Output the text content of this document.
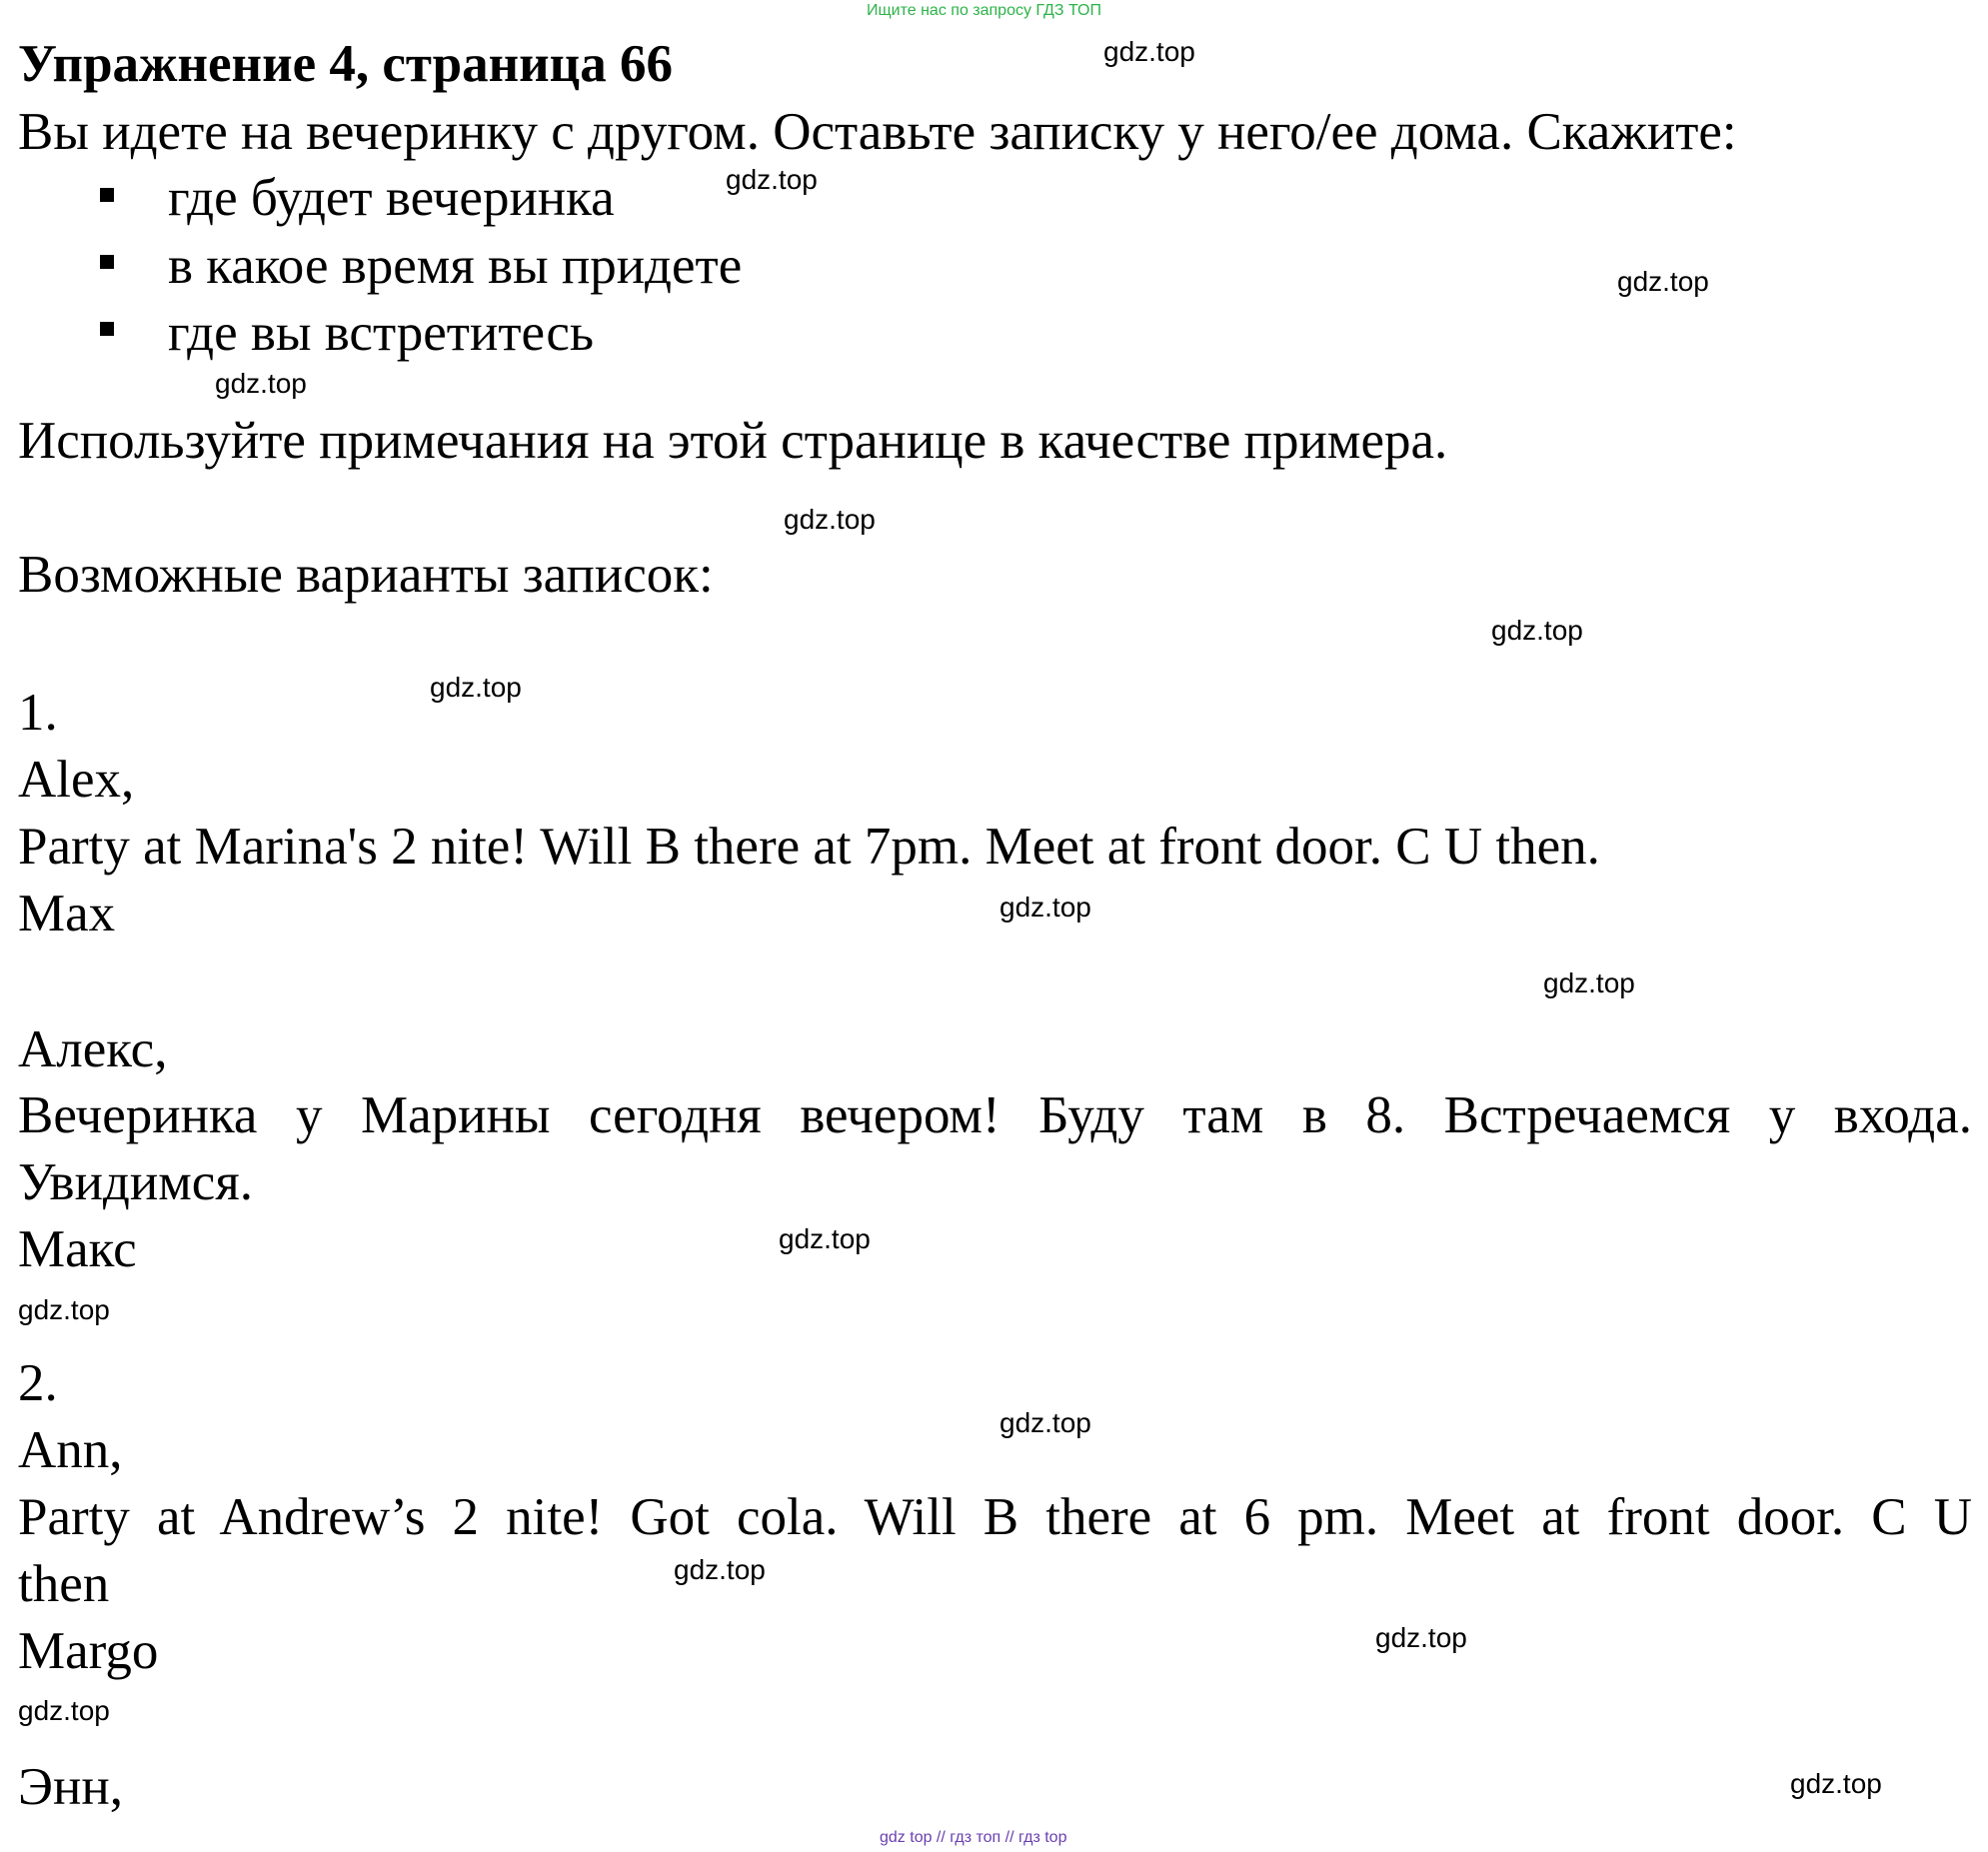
Ищите нас по запросу ГДЗ ТОП
Упражнение 4, страница 66
Вы идете на вечеринку с другом. Оставьте записку у него/ее дома. Скажите:
где будет вечеринка
в какое время вы придете
где вы встретитесь
Используйте примечания на этой странице в качестве примера.
Возможные варианты записок:
1.
Alex,
Party at Marina's 2 nite! Will B there at 7pm. Meet at front door. C U then.
Max
Алекс,
Вечеринка у Марины сегодня вечером! Буду там в 8. Встречаемся у входа.
Увидимся.
Макс
2.
Ann,
Party at Andrew’s 2 nite! Got cola. Will B there at 6 pm. Meet at front door. C U
then
Margo
Энн,
gdz.top
gdz.top
gdz.top
gdz.top
gdz.top
gdz.top
gdz.top
gdz.top
gdz.top
gdz.top
gdz.top
gdz.top
gdz.top
gdz.top
gdz.top
gdz.top
gdz top // гдз топ // гдз top
